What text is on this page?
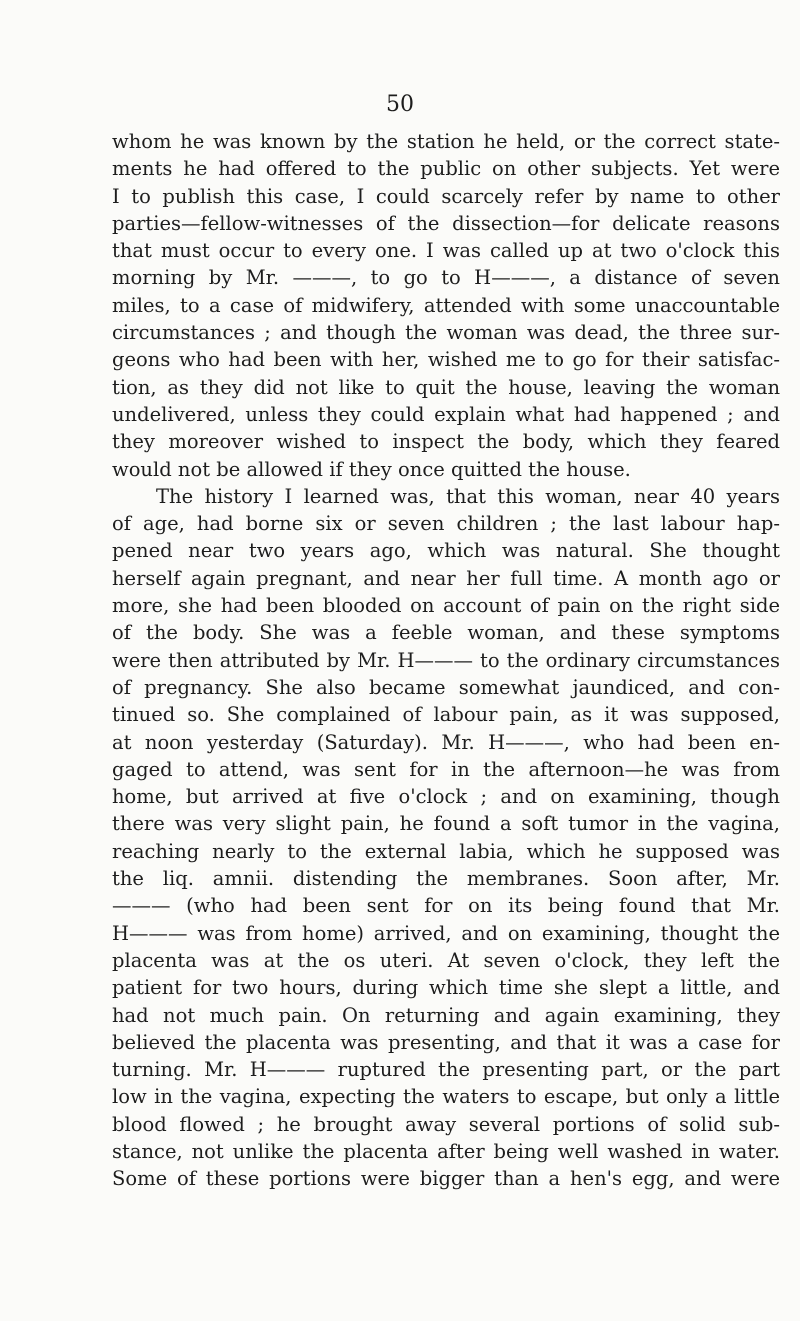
50
whom he was known by the station he held, or the correct state-
ments he had offered to the public on other subjects. Yet were
I to publish this case, I could scarcely refer by name to other
parties—fellow-witnesses of the dissection—for delicate reasons
that must occur to every one. I was called up at two o'clock this
morning by Mr. ———, to go to H———, a distance of seven
miles, to a case of midwifery, attended with some unaccountable
circumstances ; and though the woman was dead, the three sur-
geons who had been with her, wished me to go for their satisfac-
tion, as they did not like to quit the house, leaving the woman
undelivered, unless they could explain what had happened ; and
they moreover wished to inspect the body, which they feared
would not be allowed if they once quitted the house.
The history I learned was, that this woman, near 40 years
of age, had borne six or seven children ; the last labour hap-
pened near two years ago, which was natural. She thought
herself again pregnant, and near her full time. A month ago or
more, she had been blooded on account of pain on the right side
of the body. She was a feeble woman, and these symptoms
were then attributed by Mr. H——— to the ordinary circumstances
of pregnancy. She also became somewhat jaundiced, and con-
tinued so. She complained of labour pain, as it was supposed,
at noon yesterday (Saturday). Mr. H———, who had been en-
gaged to attend, was sent for in the afternoon—he was from
home, but arrived at five o'clock ; and on examining, though
there was very slight pain, he found a soft tumor in the vagina,
reaching nearly to the external labia, which he supposed was
the liq. amnii. distending the membranes. Soon after, Mr.
——— (who had been sent for on its being found that Mr.
H——— was from home) arrived, and on examining, thought the
placenta was at the os uteri. At seven o'clock, they left the
patient for two hours, during which time she slept a little, and
had not much pain. On returning and again examining, they
believed the placenta was presenting, and that it was a case for
turning. Mr. H——— ruptured the presenting part, or the part
low in the vagina, expecting the waters to escape, but only a little
blood flowed ; he brought away several portions of solid sub-
stance, not unlike the placenta after being well washed in water.
Some of these portions were bigger than a hen's egg, and were
